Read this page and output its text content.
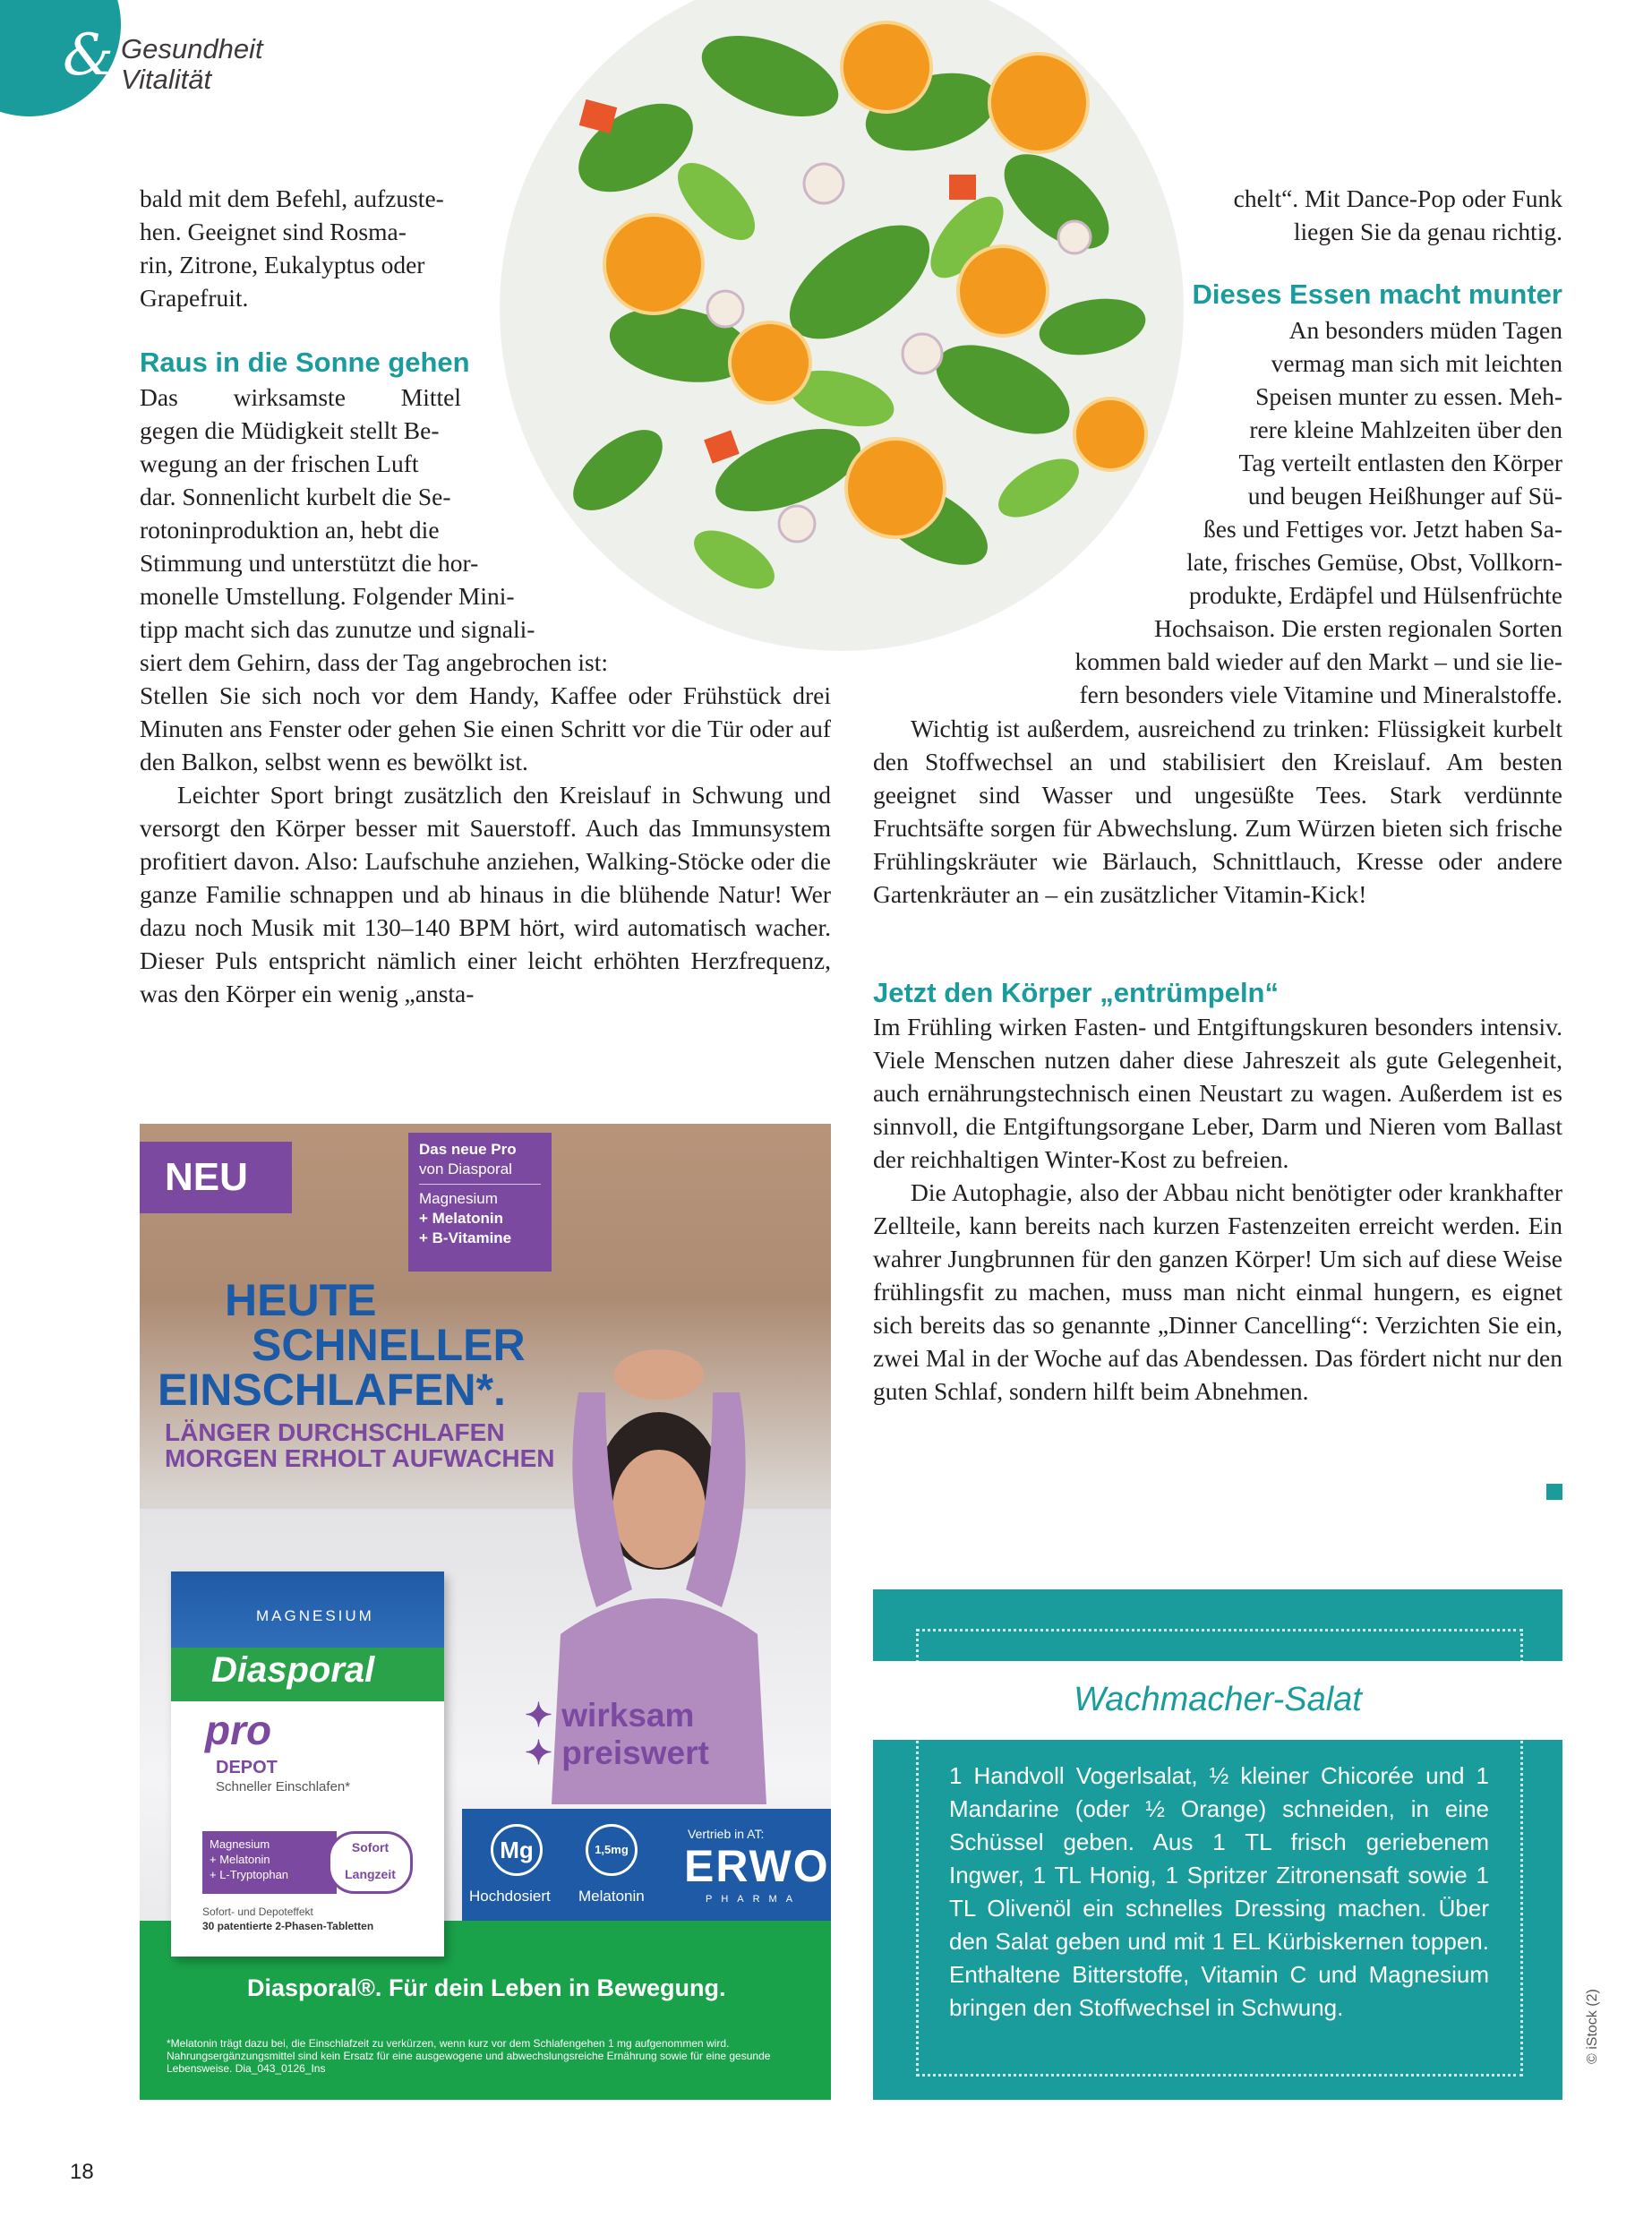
& Gesundheit
Vitalität

bald mit dem Befehl, aufzuste-

hen. Geeignet sind Rosma-

rin, Zitrone, Eukalyptus oder

Grapefruit.

Raus in die Sonne gehen

Das wirksamste Mittel

gegen die Müdigkeit stellt Be-

wegung an der frischen Luft

dar. Sonnenlicht kurbelt die Se-

rotoninproduktion an, hebt die

Stimmung und unterstützt die hor-

monelle Umstellung. Folgender Mini-

tipp macht sich das zunutze und signali-

siert dem Gehirn, dass der Tag angebrochen ist:

Stellen Sie sich noch vor dem Handy, Kaffee oder Frühstück drei Minuten ans Fenster oder gehen Sie einen Schritt vor die Tür oder auf den Balkon, selbst wenn es bewölkt ist.

Leichter Sport bringt zusätzlich den Kreislauf in Schwung und versorgt den Körper besser mit Sauerstoff. Auch das Immunsystem profitiert davon. Also: Laufschuhe anziehen, Walking-Stöcke oder die ganze Familie schnappen und ab hinaus in die blühende Natur! Wer dazu noch Musik mit 130–140 BPM hört, wird automatisch wacher. Dieser Puls entspricht nämlich einer leicht erhöhten Herzfrequenz, was den Körper ein wenig „ansta-

chelt“. Mit Dance-Pop oder Funk

liegen Sie da genau richtig.

Dieses Essen macht munter

An besonders müden Tagen

vermag man sich mit leichten

Speisen munter zu essen. Meh-

rere kleine Mahlzeiten über den

Tag verteilt entlasten den Körper

und beugen Heißhunger auf Sü-

ßes und Fettiges vor. Jetzt haben Sa-

late, frisches Gemüse, Obst, Vollkorn-

produkte, Erdäpfel und Hülsenfrüchte

Hochsaison. Die ersten regionalen Sorten

kommen bald wieder auf den Markt – und sie lie-

fern besonders viele Vitamine und Mineralstoffe.

Wichtig ist außerdem, ausreichend zu trinken: Flüssigkeit kurbelt den Stoffwechsel an und stabilisiert den Kreislauf. Am besten geeignet sind Wasser und ungesüßte Tees. Stark verdünnte Fruchtsäfte sorgen für Abwechslung. Zum Würzen bieten sich frische Frühlingskräuter wie Bärlauch, Schnittlauch, Kresse oder andere Gartenkräuter an – ein zusätzlicher Vitamin-Kick!

Jetzt den Körper „entrümpeln“

Im Frühling wirken Fasten- und Entgiftungskuren besonders intensiv. Viele Menschen nutzen daher diese Jahreszeit als gute Gelegenheit, auch ernährungstechnisch einen Neustart zu wagen. Außerdem ist es sinnvoll, die Entgiftungsorgane Leber, Darm und Nieren vom Ballast der reichhaltigen Winter-Kost zu befreien.

Die Autophagie, also der Abbau nicht benötigter oder krankhafter Zellteile, kann bereits nach kurzen Fastenzeiten erreicht werden. Ein wahrer Jungbrunnen für den ganzen Körper! Um sich auf diese Weise frühlingsfit zu machen, muss man nicht einmal hungern, es eignet sich bereits das so genannte „Dinner Cancelling“: Verzichten Sie ein, zwei Mal in der Woche auf das Abendessen. Das fördert nicht nur den guten Schlaf, sondern hilft beim Abnehmen.

NEU
Das neue Pro
von Diasporal
Magnesium
+ Melatonin
+ B-Vitamine
HEUTE
SCHNELLER
EINSCHLAFEN*.
LÄNGER DURCHSCHLAFEN
MORGEN ERHOLT AUFWACHEN
✦ wirksam
✦ preiswert
MAGNESIUM
Diasporal
pro
DEPOT
Schneller Einschlafen*
Magnesium
+ Melatonin
+ L-Tryptophan
Sofort
Langzeit
Sofort- und Depoteffekt
30 patentierte 2-Phasen-Tabletten
Mg	1,5mg
Hochdosiert Melatonin
Vertrieb in AT:
ERWO
PHARMA
Diasporal®. Für dein Leben in Bewegung.
*Melatonin trägt dazu bei, die Einschlafzeit zu verkürzen, wenn kurz vor dem Schlafengehen 1 mg aufgenommen wird. Nahrungsergänzungsmittel sind kein Ersatz für eine ausgewogene und abwechslungsreiche Ernährung sowie für eine gesunde Lebensweise. Dia_043_0126_Ins
Wachmacher-Salat
1 Handvoll Vogerlsalat, ½ kleiner Chicorée und 1 Mandarine (oder ½ Orange) schneiden, in eine Schüssel geben. Aus 1 TL frisch geriebenem Ingwer, 1 TL Honig, 1 Spritzer Zitronensaft sowie 1 TL Olivenöl ein schnelles Dressing machen. Über den Salat geben und mit 1 EL Kürbiskernen toppen. Enthaltene Bitterstoffe, Vitamin C und Magnesium bringen den Stoffwechsel in Schwung.	© iStock (2)
18
